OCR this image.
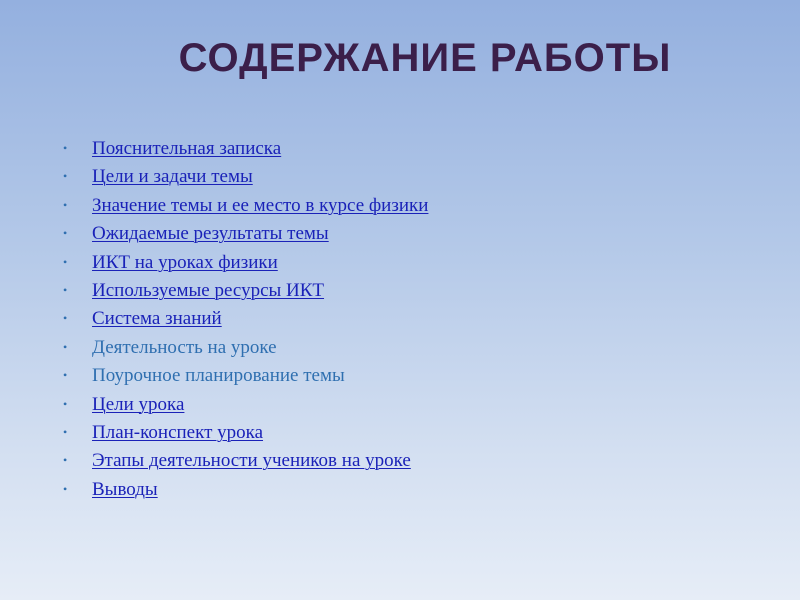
СОДЕРЖАНИЕ РАБОТЫ
•	Пояснительная записка
•	Цели и задачи темы
•	Значение темы и ее место в курсе физики
•	Ожидаемые результаты темы
•	ИКТ на уроках физики
•	Используемые ресурсы ИКТ
•	Система знаний
•	Деятельность на уроке
•	Поурочное планирование темы
•	Цели урока
•	План-конспект урока
•	Этапы деятельности учеников на уроке
•	Выводы
